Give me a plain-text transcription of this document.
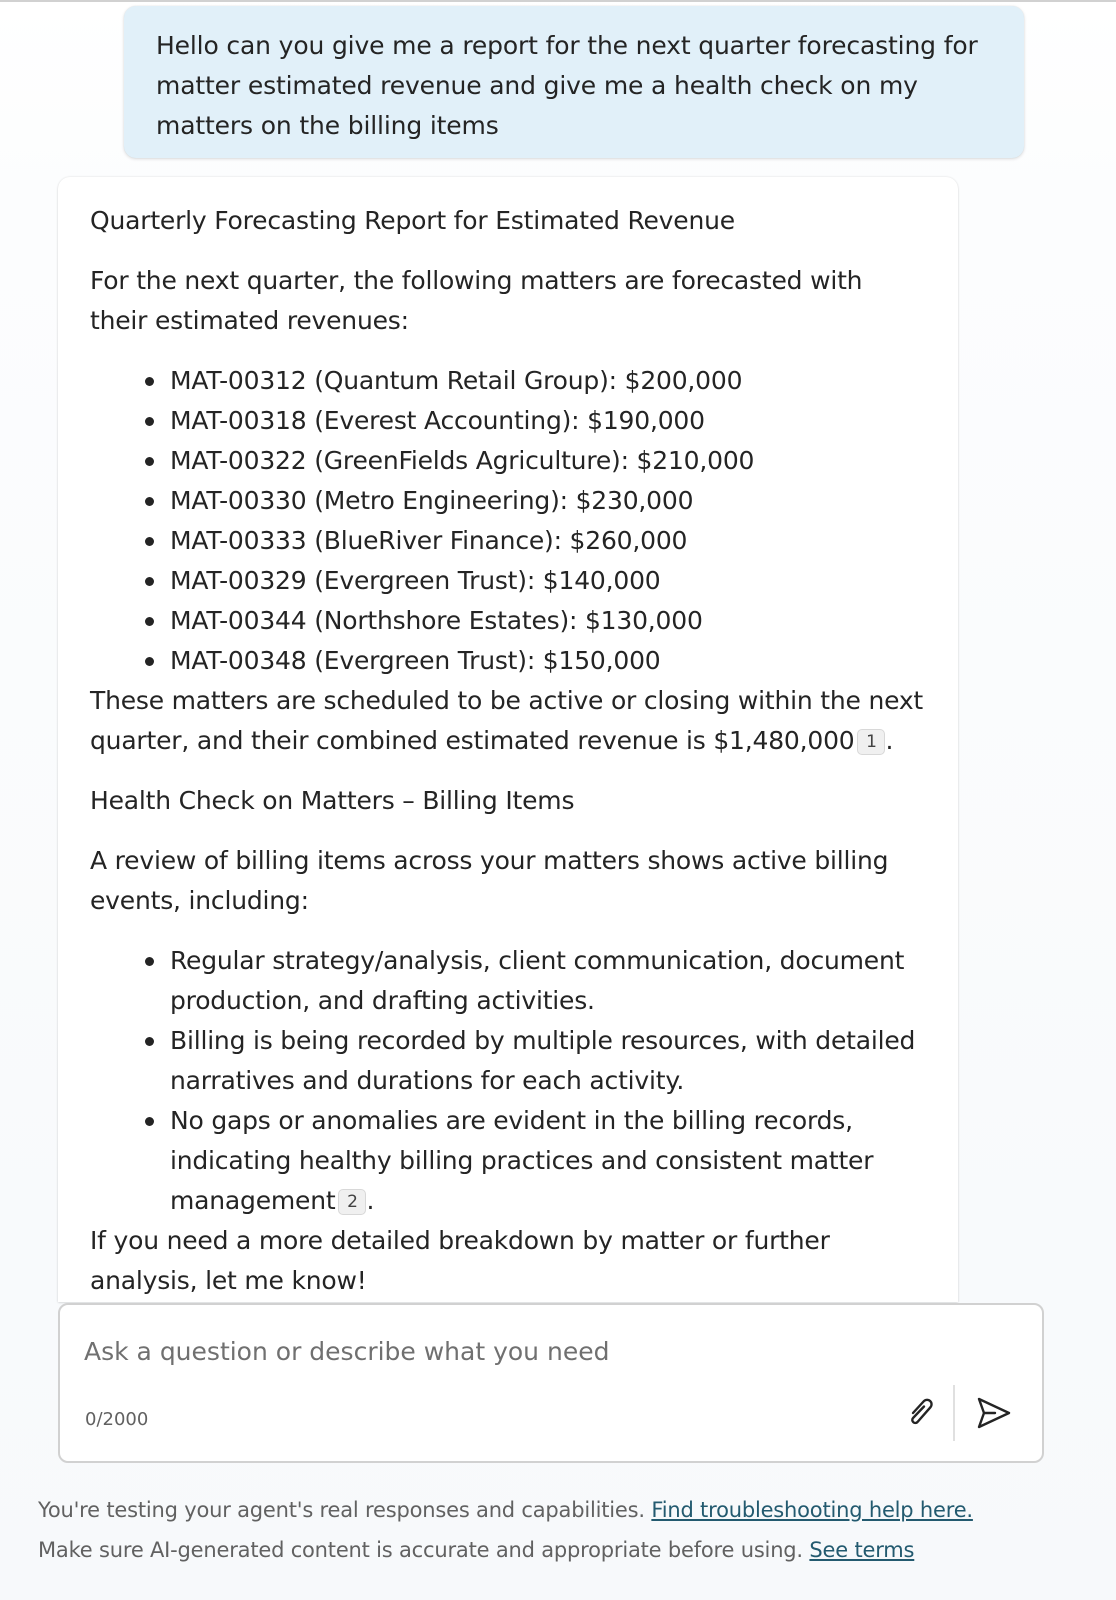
Hello can you give me a report for the next quarter forecasting for matter estimated revenue and give me a health check on my matters on the billing items

Quarterly Forecasting Report for Estimated Revenue

For the next quarter, the following matters are forecasted with their estimated revenues:

MAT-00312 (Quantum Retail Group): $200,000
MAT-00318 (Everest Accounting): $190,000
MAT-00322 (GreenFields Agriculture): $210,000
MAT-00330 (Metro Engineering): $230,000
MAT-00333 (BlueRiver Finance): $260,000
MAT-00329 (Evergreen Trust): $140,000
MAT-00344 (Northshore Estates): $130,000
MAT-00348 (Evergreen Trust): $150,000

These matters are scheduled to be active or closing within the next quarter, and their combined estimated revenue is $1,480,000 1 .

Health Check on Matters – Billing Items

A review of billing items across your matters shows active billing events, including:

Regular strategy/analysis, client communication, document production, and drafting activities.
Billing is being recorded by multiple resources, with detailed narratives and durations for each activity.
No gaps or anomalies are evident in the billing records, indicating healthy billing practices and consistent matter management 2 .

If you need a more detailed breakdown by matter or further analysis, let me know!

Ask a question or describe what you need
0/2000
You're testing your agent's real responses and capabilities. Find troubleshooting help here.
Make sure AI-generated content is accurate and appropriate before using. See terms
